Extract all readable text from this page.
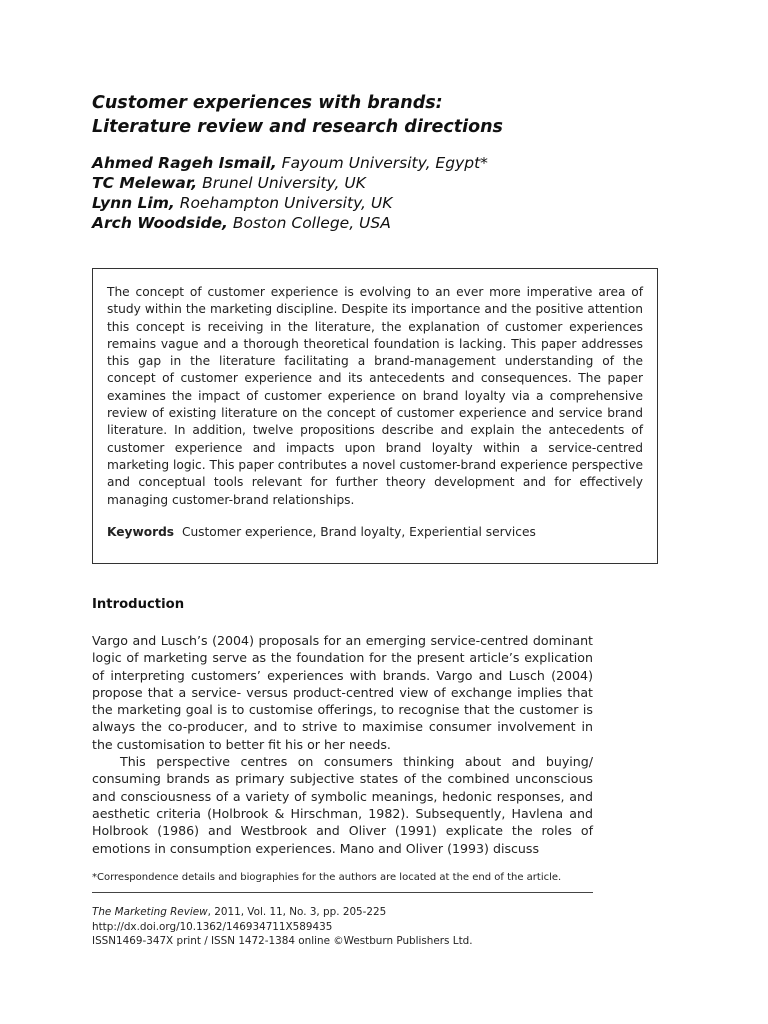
Customer experiences with brands:
Literature review and research directions
Ahmed Rageh Ismail, Fayoum University, Egypt*
TC Melewar, Brunel University, UK
Lynn Lim, Roehampton University, UK
Arch Woodside, Boston College, USA
The concept of customer experience is evolving to an ever more imperative area of study within the marketing discipline. Despite its importance and the positive attention this concept is receiving in the literature, the explanation of customer experiences remains vague and a thorough theoretical foundation is lacking. This paper addresses this gap in the literature facilitating a brand-management understanding of the concept of customer experience and its antecedents and consequences. The paper examines the impact of customer experience on brand loyalty via a comprehensive review of existing literature on the concept of customer experience and service brand literature. In addition, twelve propositions describe and explain the antecedents of customer experience and impacts upon brand loyalty within a service-centred marketing logic. This paper contributes a novel customer-brand experience perspective and conceptual tools relevant for further theory development and for effectively managing customer-brand relationships.
Keywords Customer experience, Brand loyalty, Experiential services
Introduction

Vargo and Lusch’s (2004) proposals for an emerging service-centred dominant logic of marketing serve as the foundation for the present article’s explication of interpreting customers’ experiences with brands. Vargo and Lusch (2004) propose that a service- versus product-centred view of exchange implies that the marketing goal is to customise offerings, to recognise that the customer is always the co-producer, and to strive to maximise consumer involvement in the customisation to better fit his or her needs.

This perspective centres on consumers thinking about and buying/ consuming brands as primary subjective states of the combined unconscious and consciousness of a variety of symbolic meanings, hedonic responses, and aesthetic criteria (Holbrook & Hirschman, 1982). Subsequently, Havlena and Holbrook (1986) and Westbrook and Oliver (1991) explicate the roles of emotions in consumption experiences. Mano and Oliver (1993) discuss

*Correspondence details and biographies for the authors are located at the end of the article.
The Marketing Review, 2011, Vol. 11, No. 3, pp. 205-225
http://dx.doi.org/10.1362/146934711X589435
ISSN1469-347X print / ISSN 1472-1384 online ©Westburn Publishers Ltd.
